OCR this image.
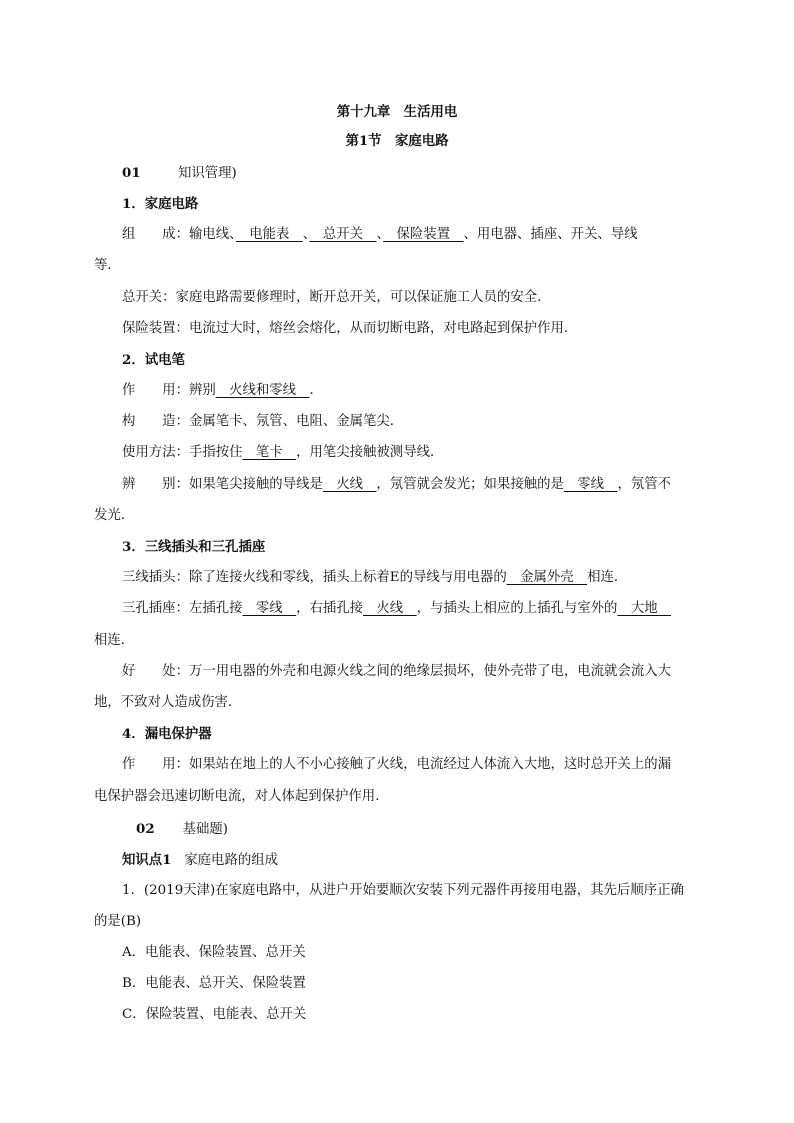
第十九章　生活用电
第1节　家庭电路
01	知识管理)
1．家庭电路
组　　成：输电线、　电能表　、　总开关　、　保险装置　、用电器、插座、开关、导线
等．
总开关：家庭电路需要修理时，断开总开关，可以保证施工人员的安全．
保险装置：电流过大时，熔丝会熔化，从而切断电路，对电路起到保护作用．
2．试电笔
作　　用：辨别　火线和零线　．
构　　造：金属笔卡、氖管、电阻、金属笔尖．
使用方法：手指按住　笔卡　，用笔尖接触被测导线．
辨　　别：如果笔尖接触的导线是　火线　，氖管就会发光；如果接触的是　零线　，氖管不
发光．
3．三线插头和三孔插座
三线插头：除了连接火线和零线，插头上标着E的导线与用电器的　金属外壳　相连．
三孔插座：左插孔接　零线　，右插孔接　火线　，与插头上相应的上插孔与室外的　大地　
相连．
好　　处：万一用电器的外壳和电源火线之间的绝缘层损坏，使外壳带了电，电流就会流入大
地，不致对人造成伤害．
4．漏电保护器
作　　用：如果站在地上的人不小心接触了火线，电流经过人体流入大地，这时总开关上的漏
电保护器会迅速切断电流，对人体起到保护作用．
02 基础题)
知识点1 家庭电路的组成
1．(2019天津)在家庭电路中，从进户开始要顺次安装下列元器件再接用电器，其先后顺序正确
的是(B)
A．电能表、保险装置、总开关
B．电能表、总开关、保险装置
C．保险装置、电能表、总开关
